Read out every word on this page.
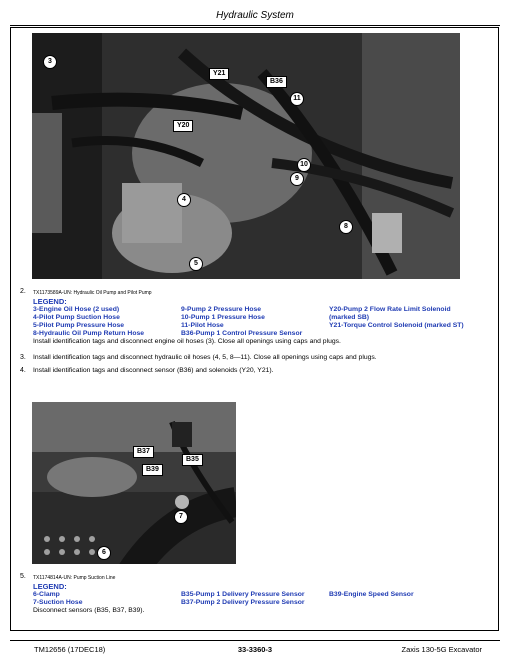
Hydraulic System
3
11
10
9
4
8
5
Y21
B36
Y20
2. TX1173589A-UN: Hydraulic Oil Pump and Pilot Pump
LEGEND:
3-Engine Oil Hose (2 used)
4-Pilot Pump Suction Hose
5-Pilot Pump Pressure Hose
8-Hydraulic Oil Pump Return Hose
9-Pump 2 Pressure Hose
10-Pump 1 Pressure Hose
11-Pilot Hose
B36-Pump 1 Control Pressure Sensor
Y20-Pump 2 Flow Rate Limit Solenoid
(marked SB)
Y21-Torque Control Solenoid (marked ST)
Install identification tags and disconnect engine oil hoses (3). Close all openings using caps and plugs.
3. Install identification tags and disconnect hydraulic oil hoses (4, 5, 8—11). Close all openings using caps and plugs.
4. Install identification tags and disconnect sensor (B36) and solenoids (Y20, Y21).
B37
B35
B39
7
6
5. TX1174814A-UN: Pump Suction Line
LEGEND:
6-Clamp
7-Suction Hose
B35-Pump 1 Delivery Pressure Sensor
B37-Pump 2 Delivery Pressure Sensor
B39-Engine Speed Sensor
Disconnect sensors (B35, B37, B39).
TM12656 (17DEC18)	33-3360-3	Zaxis 130-5G Excavator
